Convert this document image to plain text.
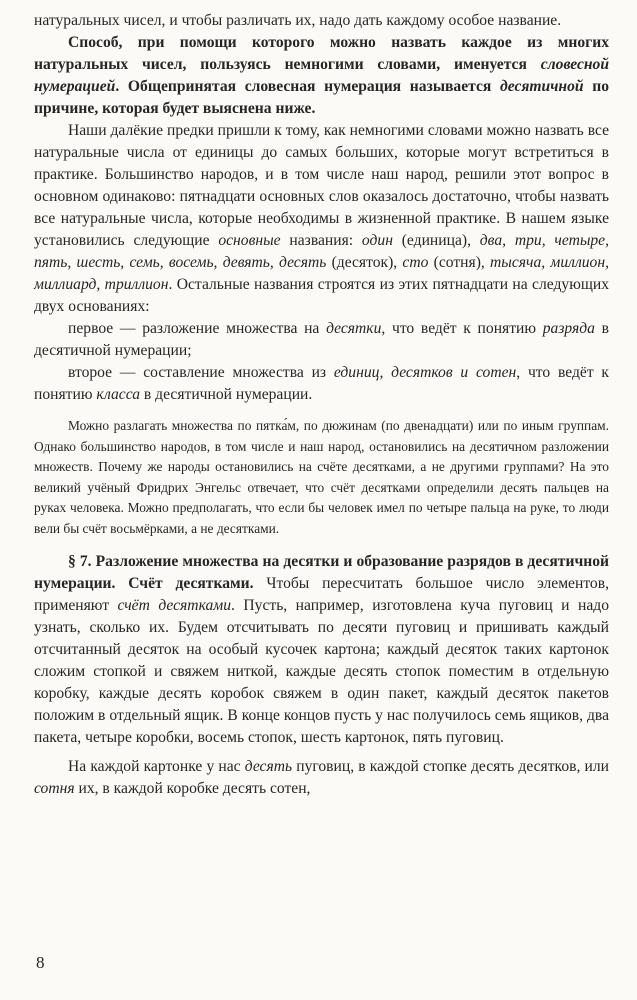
натуральных чисел, и чтобы различать их, надо дать каждому особое название.

Способ, при помощи которого можно назвать каждое из многих натуральных чисел, пользуясь немногими словами, именуется словесной нумерацией. Общепринятая словесная нумерация называется десятичной по причине, которая будет выяснена ниже.

Наши далёкие предки пришли к тому, как немногими словами можно назвать все натуральные числа от единицы до самых больших, которые могут встретиться в практике. Большинство народов, и в том числе наш народ, решили этот вопрос в основном одинаково: пятнадцати основных слов оказалось достаточно, чтобы назвать все натуральные числа, которые необходимы в жизненной практике. В нашем языке установились следующие основные названия: один (единица), два, три, четыре, пять, шесть, семь, восемь, девять, десять (десяток), сто (сотня), тысяча, миллион, миллиард, триллион. Остальные названия строятся из этих пятнадцати на следующих двух основаниях:

первое — разложение множества на десятки, что ведёт к понятию разряда в десятичной нумерации;

второе — составление множества из единиц, десятков и сотен, что ведёт к понятию класса в десятичной нумерации.

Можно разлагать множества по пятка́м, по дюжинам (по двенадцати) или по иным группам. Однако большинство народов, в том числе и наш народ, остановились на десятичном разложении множеств. Почему же народы остановились на счёте десятками, а не другими группами? На это великий учёный Фридрих Энгельс отвечает, что счёт десятками определили десять пальцев на руках человека. Можно предполагать, что если бы человек имел по четыре пальца на руке, то люди вели бы счёт восьмёрками, а не десятками.

§ 7. Разложение множества на десятки и образование разрядов в десятичной нумерации. Счёт десятками. Чтобы пересчитать большое число элементов, применяют счёт десятками. Пусть, например, изготовлена куча пуговиц и надо узнать, сколько их. Будем отсчитывать по десяти пуговиц и пришивать каждый отсчитанный десяток на особый кусочек картона; каждый десяток таких картонок сложим стопкой и свяжем ниткой, каждые десять стопок поместим в отдельную коробку, каждые десять коробок свяжем в один пакет, каждый десяток пакетов положим в отдельный ящик. В конце концов пусть у нас получилось семь ящиков, два пакета, четыре коробки, восемь стопок, шесть картонок, пять пуговиц.

На каждой картонке у нас десять пуговиц, в каждой стопке десять десятков, или сотня их, в каждой коробке десять сотен,

8
